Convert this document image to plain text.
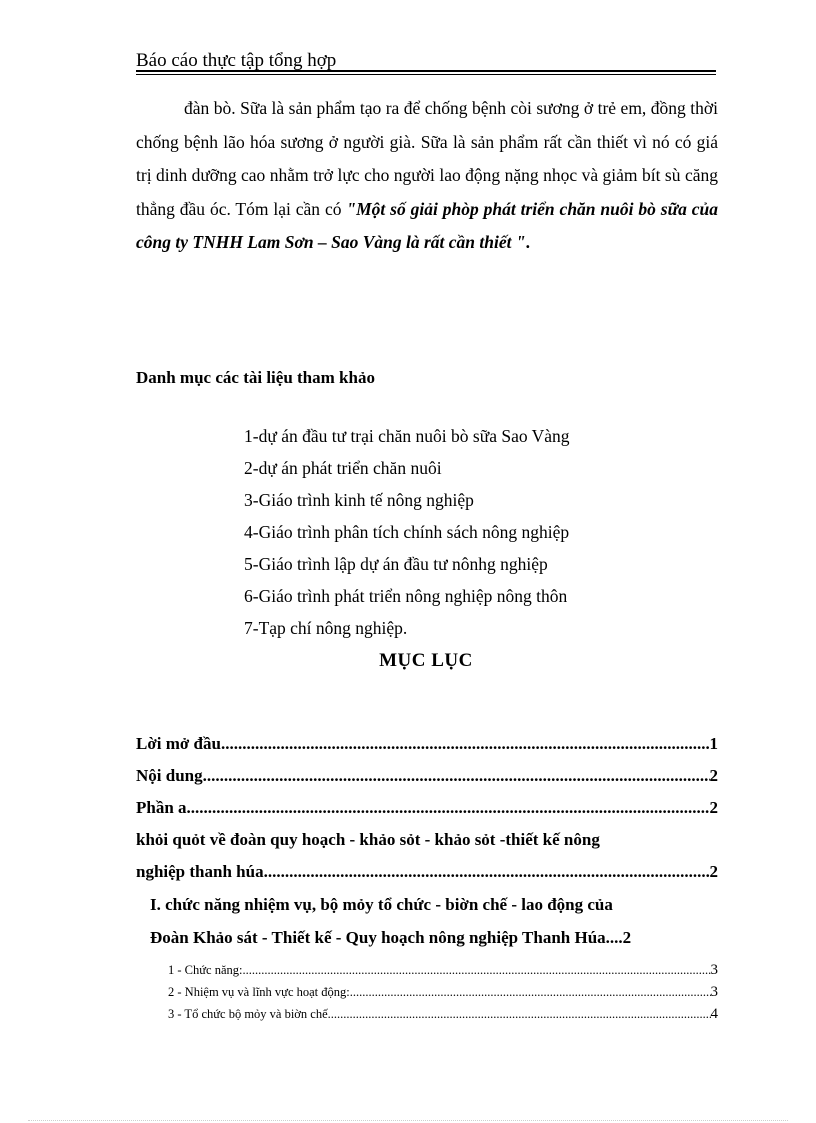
Báo cáo thực tập tổng hợp

đàn bò. Sữa là sản phẩm tạo ra để chống bệnh còi sương ở trẻ em, đồng thời chống bệnh lão hóa sương ở người già. Sữa là sản phẩm rất cần thiết vì nó có giá trị dinh dưỡng cao nhằm trở lực cho người lao động nặng nhọc và giảm bít sù căng thẳng đầu óc. Tóm lại cần có "Một số giải phòp phát triển chăn nuôi bò sữa của công ty TNHH Lam Sơn – Sao Vàng là rất cần thiết ".

Danh mục các tài liệu tham khảo
1-dự án đầu tư trại chăn nuôi bò sữa Sao Vàng
2-dự án phát triển chăn nuôi
3-Giáo trình kinh tế nông nghiệp
4-Giáo trình phân tích chính sách nông nghiệp
5-Giáo trình lập dự án đầu tư nônhg nghiệp
6-Giáo trình phát triển nông nghiệp nông thôn
7-Tạp chí nông nghiệp.
MỤC LỤC
Lời mở đầu .....	1
Nội dung .....	2
Phần a .....	2
khỏi quỏt về đoàn quy hoạch - khảo sỏt - khảo sỏt -thiết kế nông
nghiệp thanh húa .....	2
I. chức năng nhiệm vụ, bộ mỏy tổ chức - biờn chế - lao động của
Đoàn Khảo sát - Thiết kế - Quy hoạch nông nghiệp Thanh Húa .... 2
1 - Chức năng: .....	3
2 - Nhiệm vụ và lĩnh vực hoạt động: .....	3
3 - Tổ chức bộ mỏy và biờn chế .....	4
